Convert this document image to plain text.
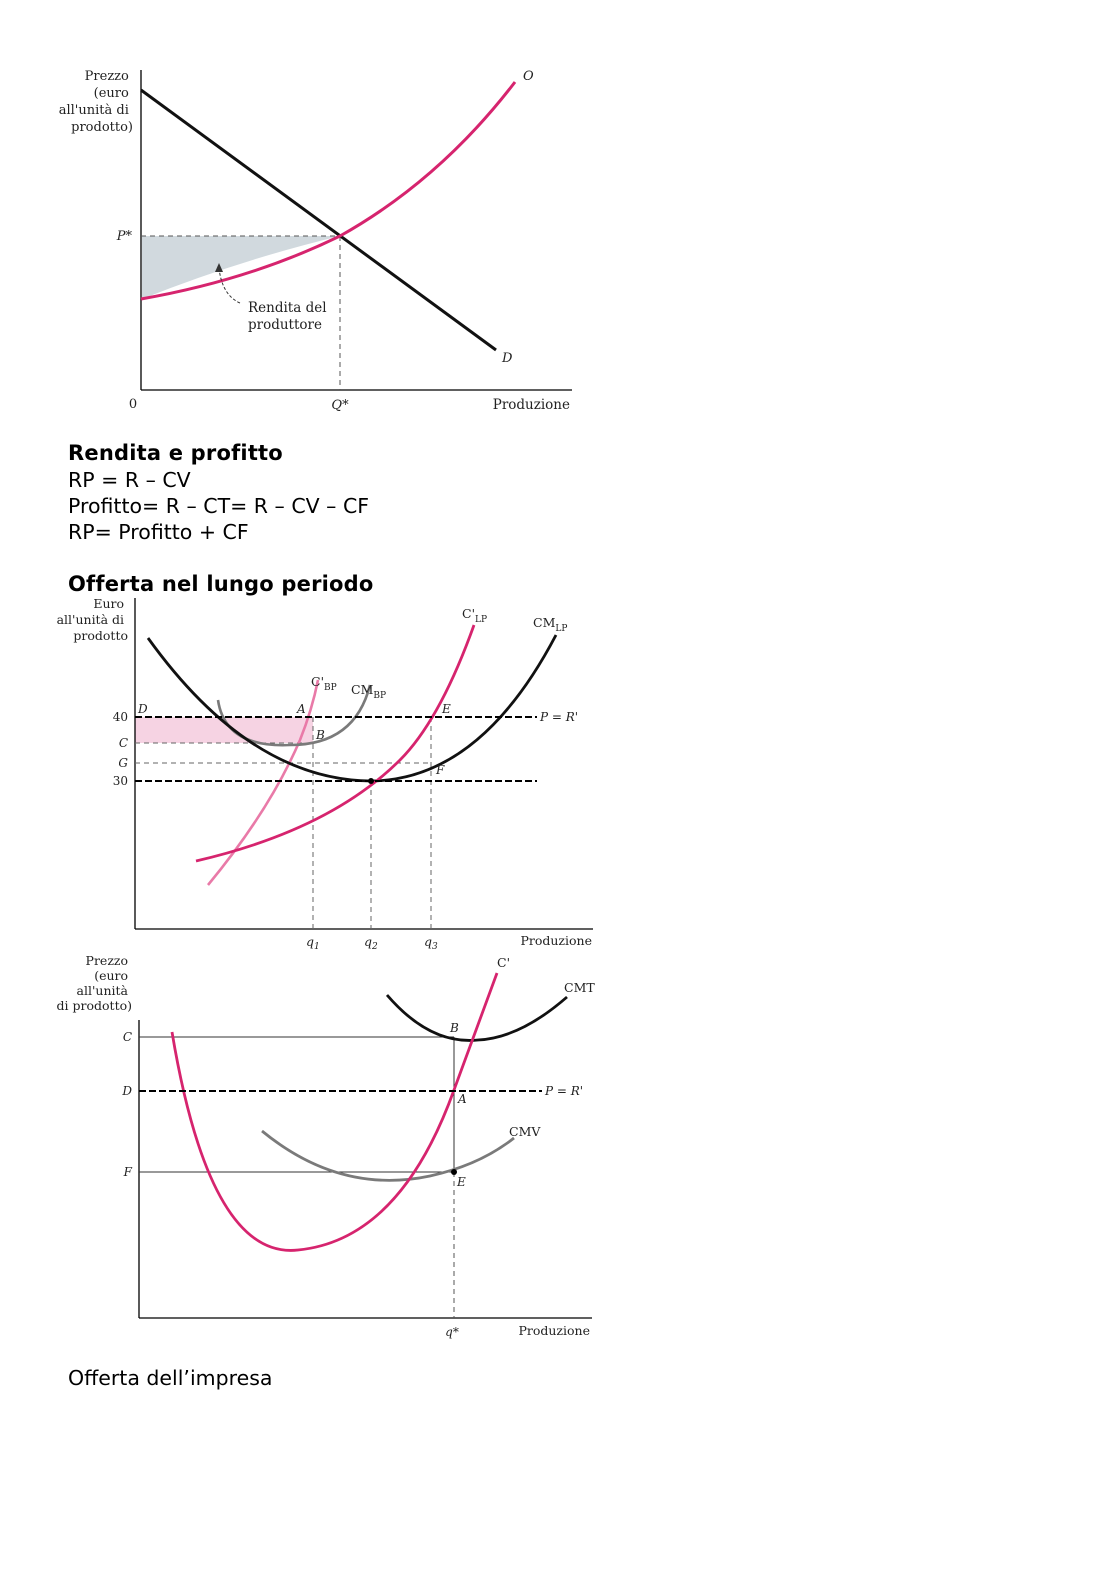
Prezzo (euro all'unità di prodotto)
P*
0	Q*	Produzione
O
D
Rendita del produttore
Rendita e profitto
RP = R – CV
Profitto= R – CT= R – CV – CF
RP= Profitto + CF
Offerta nel lungo periodo
Euro all'unità di prodotto
40
C
G
30
D	A
B
E
F
P = R'
$C'_{BP}$ $CM_{BP}$
$C'_{LP}$	$CM_{LP}$
$q_1$	$q_2$	$q_3$	Produzione
Prezzo (euro all'unità di prodotto)
C
D
F
B
A
E
P = R'
C'
CMT
CMV
q*	Produzione
Offerta dell’impresa
